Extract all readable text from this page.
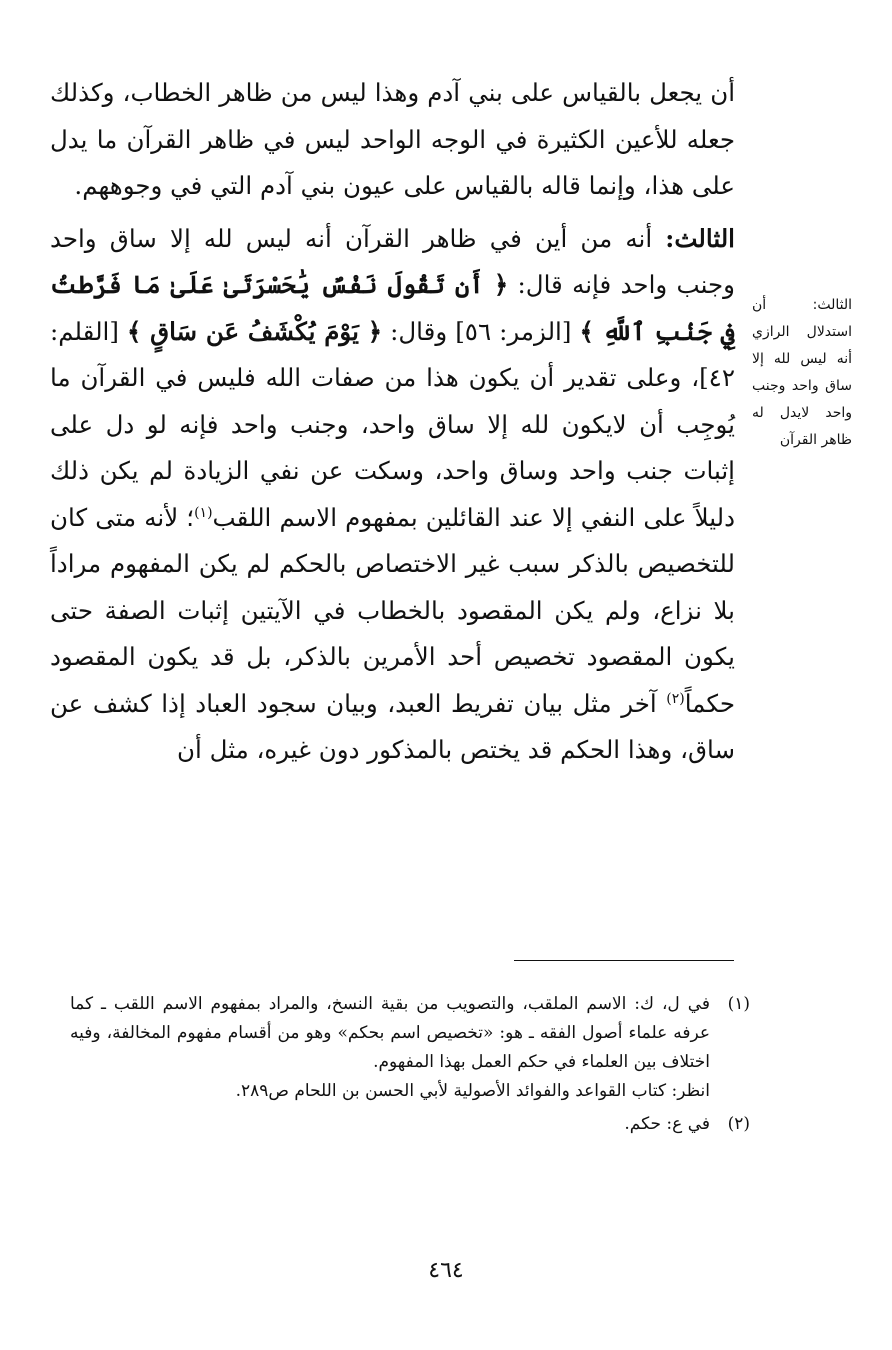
أن يجعل بالقياس على بني آدم وهذا ليس من ظاهر الخطاب، وكذلك جعله للأعين الكثيرة في الوجه الواحد ليس في ظاهر القرآن ما يدل على هذا، وإنما قاله بالقياس على عيون بني آدم التي في وجوههم.

الثالث: أنه من أين في ظاهر القرآن أنه ليس لله إلا ساق واحد وجنب واحد فإنه قال: ﴿ أَن تَقُولَ نَفْسٌ يَٰحَسْرَتَىٰ عَلَىٰ مَا فَرَّطتُ فِي جَنۢبِ ٱللَّهِ ﴾ [الزمر: ٥٦] وقال: ﴿ يَوْمَ يُكْشَفُ عَن سَاقٍ ﴾ [القلم: ٤٢]، وعلى تقدير أن يكون هذا من صفات الله فليس في القرآن ما يُوجِب أن لايكون لله إلا ساق واحد، وجنب واحد فإنه لو دل على إثبات جنب واحد وساق واحد، وسكت عن نفي الزيادة لم يكن ذلك دليلاً على النفي إلا عند القائلين بمفهوم الاسم اللقب$^{(١)}$؛ لأنه متى كان للتخصيص بالذكر سبب غير الاختصاص بالحكم لم يكن المفهوم مراداً بلا نزاع، ولم يكن المقصود بالخطاب في الآيتين إثبات الصفة حتى يكون المقصود تخصيص أحد الأمرين بالذكر، بل قد يكون المقصود حكماً$^{(٢)}$ آخر مثل بيان تفريط العبد، وبيان سجود العباد إذا كشف عن ساق، وهذا الحكم قد يختص بالمذكور دون غيره، مثل أن

الثالث: أن استدلال الرازي أنه ليس لله إلا ساق واحد وجنب واحد لايدل له ظاهر القرآن
(١)
في ل، ك: الاسم الملقب، والتصويب من بقية النسخ، والمراد بمفهوم الاسم اللقب ـ كما عرفه علماء أصول الفقه ـ هو: «تخصيص اسم بحكم» وهو من أقسام مفهوم المخالفة، وفيه اختلاف بين العلماء في حكم العمل بهذا المفهوم.
انظر: كتاب القواعد والفوائد الأصولية لأبي الحسن بن اللحام ص٢٨٩.
(٢)
في ع: حكم.
٤٦٤
